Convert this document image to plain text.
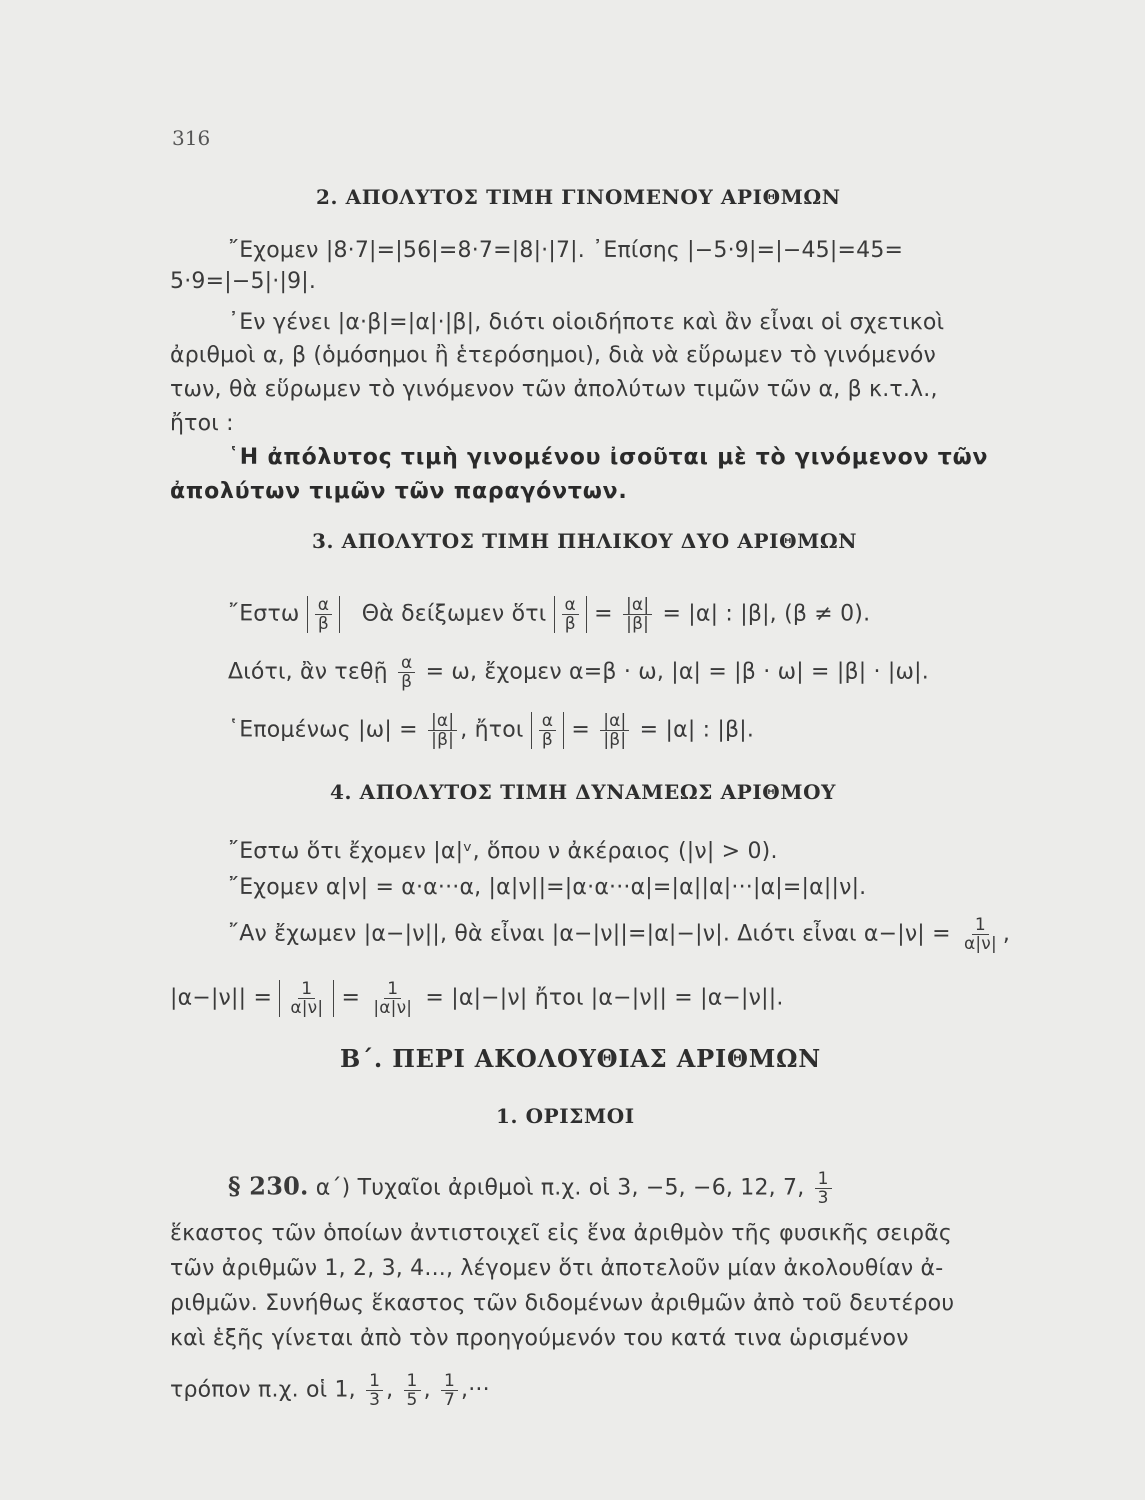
316
2. ΑΠΟΛΥΤΟΣ ΤΙΜΗ ΓΙΝΟΜΕΝΟΥ ΑΡΙΘΜΩΝ
῎Εχομεν |8·7|=|56|=8·7=|8|·|7|. ᾿Επίσης |−5·9|=|−45|=45=
5·9=|−5|·|9|.
᾿Εν γένει |α·β|=|α|·|β|, διότι οἱοιδήποτε καὶ ἂν εἶναι οἱ σχετικοὶ
ἀριθμοὶ α, β (ὁμόσημοι ἢ ἑτερόσημοι), διὰ νὰ εὕρωμεν τὸ γινόμενόν
των, θὰ εὕρωμεν τὸ γινόμενον τῶν ἀπολύτων τιμῶν τῶν α, β κ.τ.λ.,
ἤτοι :
῾Η ἀπόλυτος τιμὴ γινομένου ἰσοῦται μὲ τὸ γινόμενον τῶν
ἀπολύτων τιμῶν τῶν παραγόντων.
3. ΑΠΟΛΥΤΟΣ ΤΙΜΗ ΠΗΛΙΚΟΥ ΔΥΟ ΑΡΙΘΜΩΝ
῎Εστω $\frac{\alpha}{\beta}$ Θὰ δείξωμεν ὅτι $\frac{\alpha}{\beta} = \frac{|\alpha|}{|\beta|} = |\alpha|$ : |β|, (β ≠ 0).
Διότι, ἂν τεθῇ $\frac{\alpha}{\beta} = \omega$, ἔχομεν α=β · ω, |α| = |β · ω| = |β| · |ω|.
῾Επομένως $|\omega| = \frac{|\alpha|}{|\beta|}$ , ἤτοι $\frac{\alpha}{\beta} = \frac{|\alpha|}{|\beta|} = |\alpha|$ : |β|.
4. ΑΠΟΛΥΤΟΣ ΤΙΜΗ ΔΥΝΑΜΕΩΣ ΑΡΙΘΜΟΥ
῎Εστω ὅτι ἔχομεν |α|ᵛ, ὅπου ν ἀκέραιος (|ν| > 0).
῎Εχομεν α|ν| = α·α···α, |α|ν||=|α·α···α|=|α||α|···|α|=|α||ν|.
῎Αν ἔχωμεν |α−|ν||, θὰ εἶναι |α−|ν||=|α|−|ν|. Διότι εἶναι $\alpha-|\nu| = \frac{1}{\alpha|\nu|}$ ,
$|\alpha-|\nu|| = \frac{1}{\alpha|\nu|} = \frac{1}{|\alpha|\nu|} = |\alpha|-|\nu|$ ἤτοι |α−|ν|| = |α−|ν||.
Β΄. ΠΕΡΙ ΑΚΟΛΟΥΘΙΑΣ ΑΡΙΘΜΩΝ
1. ΟΡΙΣΜΟΙ
§ 230. α΄) Τυχαῖοι ἀριθμοὶ π.χ. οἱ 3, −5, −6, 12, 7, $\frac{1}{3}$
ἕκαστος τῶν ὁποίων ἀντιστοιχεῖ εἰς ἕνα ἀριθμὸν τῆς φυσικῆς σειρᾶς
τῶν ἀριθμῶν 1, 2, 3, 4..., λέγομεν ὅτι ἀποτελοῦν μίαν ἀκολουθίαν ἀ-
ριθμῶν. Συνήθως ἕκαστος τῶν διδομένων ἀριθμῶν ἀπὸ τοῦ δευτέρου
καὶ ἑξῆς γίνεται ἀπὸ τὸν προηγούμενόν του κατά τινα ὡρισμένον
τρόπον π.χ. οἱ 1, $\frac{1}{3}$ , $\frac{1}{5}$ , $\frac{1}{7}$ ,···
